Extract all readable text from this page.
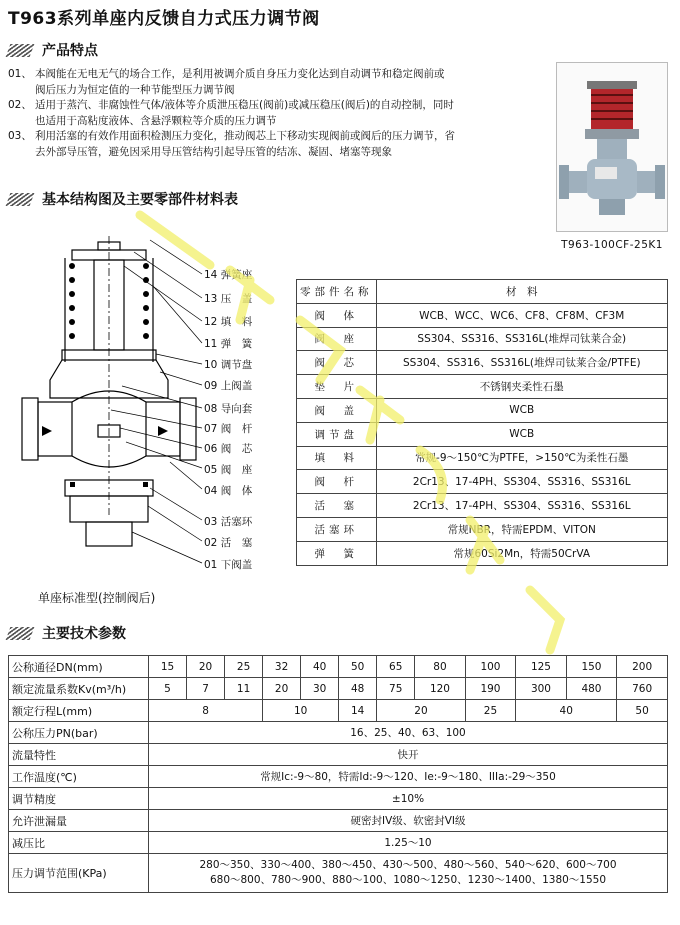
T963系列单座内反馈自力式压力调节阀
产品特点
01、 本阀能在无电无气的场合工作，是利用被调介质自身压力变化达到自动调节和稳定阀前或
阀后压力为恒定值的一种节能型压力调节阀
02、 适用于蒸汽、非腐蚀性气体/液体等介质泄压稳压(阀前)或减压稳压(阀后)的自动控制，同时
也适用于高粘度液体、含悬浮颗粒等介质的压力调节
03、 利用活塞的有效作用面积检测压力变化，推动阀芯上下移动实现阀前或阀后的压力调节，省
去外部导压管，避免因采用导压管结构引起导压管的结冻、凝固、堵塞等现象
T963-100CF-25K1
基本结构图及主要零部件材料表
14 弹簧座
13 压　盖
12 填　料
11 弹　簧
10 调节盘
09 上阀盖
08 导向套
07 阀　杆
06 阀　芯
05 阀　座
04 阀　体
03 活塞环
02 活　塞
01 下阀盖
单座标准型(控制阀后)
零部件名称	材　料
阀　体	WCB、WCC、WC6、CF8、CF8M、CF3M
阀　座	SS304、SS316、SS316L(堆焊司钛莱合金)
阀　芯	SS304、SS316、SS316L(堆焊司钛莱合金/PTFE)
垫　片	不锈钢夹柔性石墨
阀　盖	WCB
调节盘	WCB
填　料	常规-9～150℃为PTFE，>150℃为柔性石墨
阀　杆	2Cr13、17-4PH、SS304、SS316、SS316L
活　塞	2Cr13、17-4PH、SS304、SS316、SS316L
活塞环	常规NBR，特需EPDM、VITON
弹　簧	常规60Si2Mn，特需50CrVA
主要技术参数
公称通径DN(mm)	15	20	25	32	40	50	65	80	100	125	150	200
额定流量系数Kv(m³/h)	5	7	11	20	30	48	75	120	190	300	480	760
额定行程L(mm)	8			10		14	20		25	40		50
公称压力PN(bar)	16、25、40、63、100											
流量特性	快开											
工作温度(℃)	常规Ic:-9～80，特需Id:-9～120、Ie:-9～180、IIIa:-29～350											
调节精度	±10%											
允许泄漏量	硬密封IV级、软密封VI级											
减压比	1.25～10											
压力调节范围(KPa)	280～350、330～400、380～450、430～500、480～560、540～620、600～700
680～800、780～900、880～100、1080～1250、1230～1400、1380～1550											
